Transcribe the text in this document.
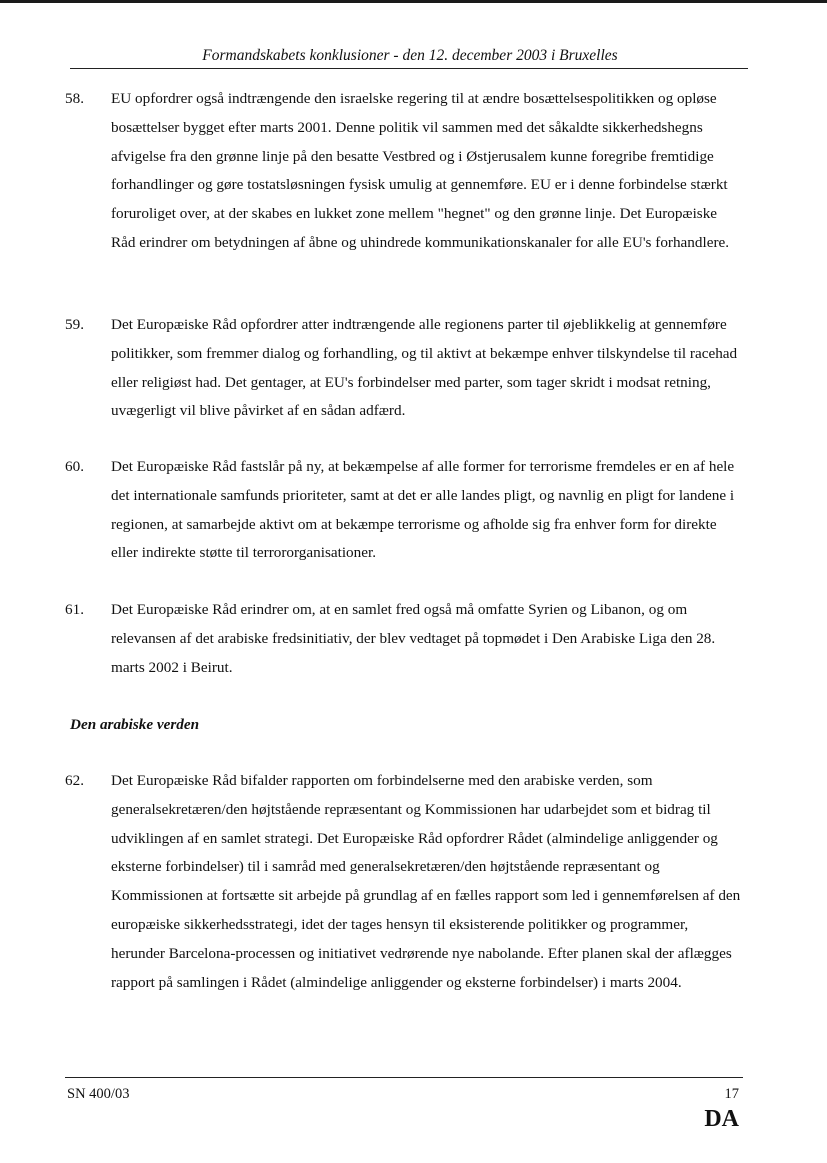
Formandskabets konklusioner - den 12. december 2003 i Bruxelles
58.	EU opfordrer også indtrængende den israelske regering til at ændre bosættelsespolitikken og opløse bosættelser bygget efter marts 2001. Denne politik vil sammen med det såkaldte sikkerhedshegns afvigelse fra den grønne linje på den besatte Vestbred og i Østjerusalem kunne foregribe fremtidige forhandlinger og gøre tostatsløsningen fysisk umulig at gennemføre. EU er i denne forbindelse stærkt foruroliget over, at der skabes en lukket zone mellem "hegnet" og den grønne linje. Det Europæiske Råd erindrer om betydningen af åbne og uhindrede kommunikationskanaler for alle EU's forhandlere.
59.	Det Europæiske Råd opfordrer atter indtrængende alle regionens parter til øjeblikkelig at gennemføre politikker, som fremmer dialog og forhandling, og til aktivt at bekæmpe enhver tilskyndelse til racehad eller religiøst had. Det gentager, at EU's forbindelser med parter, som tager skridt i modsat retning, uvægerligt vil blive påvirket af en sådan adfærd.
60.	Det Europæiske Råd fastslår på ny, at bekæmpelse af alle former for terrorisme fremdeles er en af hele det internationale samfunds prioriteter, samt at det er alle landes pligt, og navnlig en pligt for landene i regionen, at samarbejde aktivt om at bekæmpe terrorisme og afholde sig fra enhver form for direkte eller indirekte støtte til terrororganisationer.
61.	Det Europæiske Råd erindrer om, at en samlet fred også må omfatte Syrien og Libanon, og om relevansen af det arabiske fredsinitiativ, der blev vedtaget på topmødet i Den Arabiske Liga den 28. marts 2002 i Beirut.
Den arabiske verden
62.	Det Europæiske Råd bifalder rapporten om forbindelserne med den arabiske verden, som generalsekretæren/den højtstående repræsentant og Kommissionen har udarbejdet som et bidrag til udviklingen af en samlet strategi. Det Europæiske Råd opfordrer Rådet (almindelige anliggender og eksterne forbindelser) til i samråd med generalsekretæren/den højtstående repræsentant og Kommissionen at fortsætte sit arbejde på grundlag af en fælles rapport som led i gennemførelsen af den europæiske sikkerhedsstrategi, idet der tages hensyn til eksisterende politikker og programmer, herunder Barcelona-processen og initiativet vedrørende nye nabolande. Efter planen skal der aflægges rapport på samlingen i Rådet (almindelige anliggender og eksterne forbindelser) i marts 2004.
SN 400/03	17
DA
